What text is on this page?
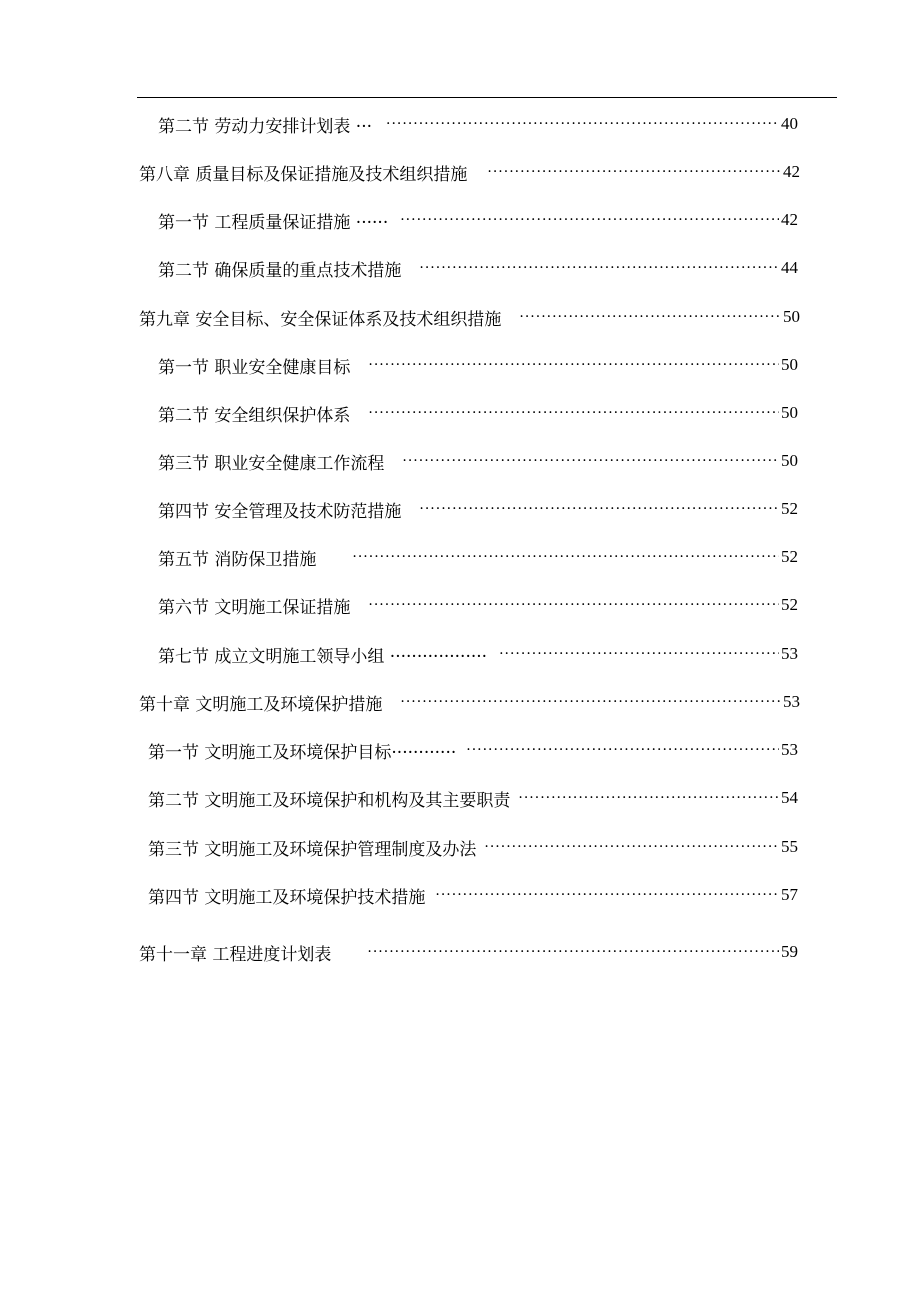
第二节 劳动力安排计划表 ··· ·····	40
第八章 质量目标及保证措施及技术组织措施 ·····	42
第一节 工程质量保证措施 ······ ·····	42
第二节 确保质量的重点技术措施 ·····	44
第九章 安全目标、安全保证体系及技术组织措施 ·····	50
第一节 职业安全健康目标 ·····	50
第二节 安全组织保护体系 ·····	50
第三节 职业安全健康工作流程 ·····	50
第四节 安全管理及技术防范措施 ·····	52
第五节 消防保卫措施 ·····	52
第六节 文明施工保证措施 ·····	52
第七节 成立文明施工领导小组 ·················· ·····	53
第十章 文明施工及环境保护措施 ·····	53
第一节 文明施工及环境保护目标············ ·····	53
第二节 文明施工及环境保护和机构及其主要职责 ·····	54
第三节 文明施工及环境保护管理制度及办法 ·····	55
第四节 文明施工及环境保护技术措施 ·····	57
第十一章 工程进度计划表 ·····	59
